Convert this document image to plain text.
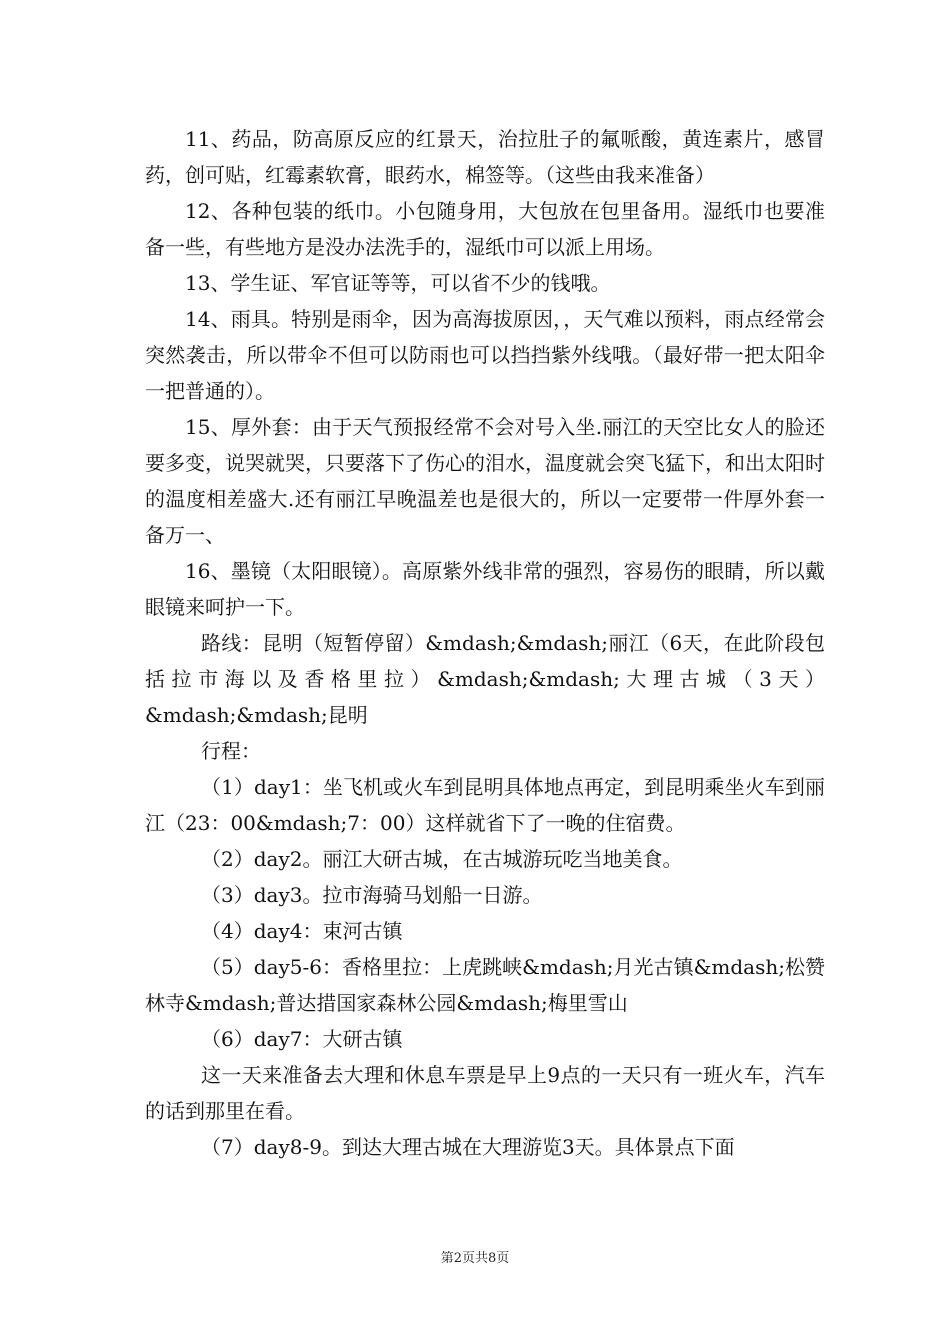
11、药品，防高原反应的红景天，治拉肚子的氟哌酸，黄连素片，感冒药，创可贴，红霉素软膏，眼药水，棉签等。（这些由我来准备）

12、各种包装的纸巾。小包随身用，大包放在包里备用。湿纸巾也要准备一些，有些地方是没办法洗手的，湿纸巾可以派上用场。

13、学生证、军官证等等，可以省不少的钱哦。

14、雨具。特别是雨伞，因为高海拔原因，，天气难以预料，雨点经常会突然袭击，所以带伞不但可以防雨也可以挡挡紫外线哦。（最好带一把太阳伞一把普通的）。

15、厚外套：由于天气预报经常不会对号入坐.丽江的天空比女人的脸还要多变，说哭就哭，只要落下了伤心的泪水，温度就会突飞猛下，和出太阳时的温度相差盛大.还有丽江早晚温差也是很大的，所以一定要带一件厚外套一备万一、

16、墨镜（太阳眼镜）。高原紫外线非常的强烈，容易伤的眼睛，所以戴眼镜来呵护一下。

路线：昆明（短暂停留）&mdash;&mdash;丽江（6天，在此阶段包括拉市海以及香格里拉）&mdash;&mdash;大理古城（3天）&mdash;&mdash;昆明

行程：

（1）day1：坐飞机或火车到昆明具体地点再定，到昆明乘坐火车到丽江（23：00&mdash;7：00）这样就省下了一晚的住宿费。

（2）day2。丽江大研古城，在古城游玩吃当地美食。

（3）day3。拉市海骑马划船一日游。

（4）day4：束河古镇

（5）day5-6：香格里拉：上虎跳峡&mdash;月光古镇&mdash;松赞林寺&mdash;普达措国家森林公园&mdash;梅里雪山

（6）day7：大研古镇

这一天来准备去大理和休息车票是早上9点的一天只有一班火车，汽车的话到那里在看。

（7）day8-9。到达大理古城在大理游览3天。具体景点下面

第2页共8页
